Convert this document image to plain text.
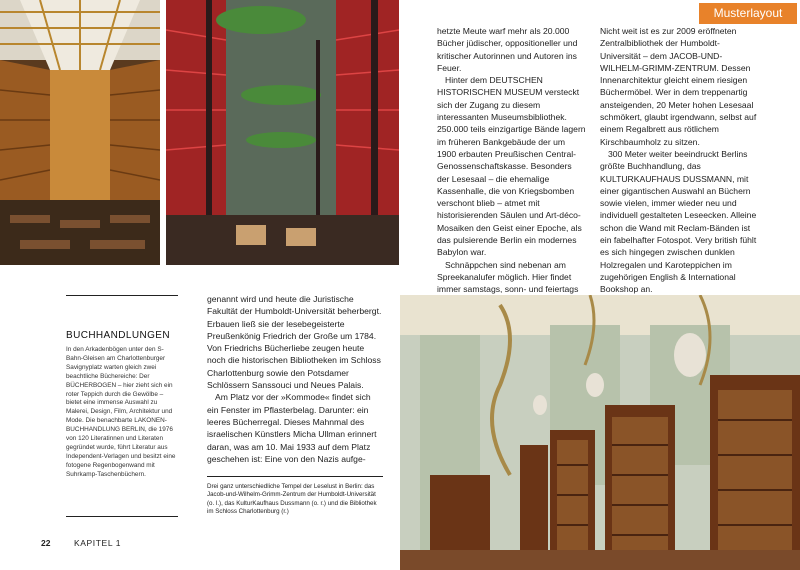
Musterlayout

hetzte Meute warf mehr als 20.000 Bücher jüdischer, oppositioneller und kritischer Autorinnen und Autoren ins Feuer.

Hinter dem DEUTSCHEN HISTORISCHEN MUSEUM versteckt sich der Zugang zu diesem interessanten Museumsbibliothek. 250.000 teils einzigartige Bände lagern im früheren Bankgebäude der um 1900 erbauten Preußischen Central-Genossenschaftskasse. Besonders der Lesesaal – die ehemalige Kassenhalle, die von Kriegsbomben verschont blieb – atmet mit historisierenden Säulen und Art-déco-Mosaiken den Geist einer Epoche, als das pulsierende Berlin ein modernes Babylon war.

Schnäppchen sind nebenan am Spreekanalufer möglich. Hier findet immer samstags, sonn- und feiertags

Nicht weit ist es zur 2009 eröffneten Zentralbibliothek der Humboldt-Universität – dem JACOB-UND-WILHELM-GRIMM-ZENTRUM. Dessen Innenarchitektur gleicht einem riesigen Büchermöbel. Wer in dem treppenartig ansteigenden, 20 Meter hohen Lesesaal schmökert, glaubt irgendwann, selbst auf einem Regalbrett aus rötlichem Kirschbaumholz zu sitzen.

300 Meter weiter beeindruckt Berlins größte Buchhandlung, das KULTURKAUFHAUS DUSSMANN, mit einer gigantischen Auswahl an Büchern sowie vielen, immer wieder neu und individuell gestalteten Leseecken. Alleine schon die Wand mit Reclam-Bänden ist ein fabelhafter Fotospot. Very british fühlt es sich hingegen zwischen dunklen Holzregalen und Karoteppichen im zugehörigen English & International Bookshop an.

BUCHHANDLUNGEN
In den Arkadenbögen unter den S-Bahn-Gleisen am Charlottenburger Savignyplatz warten gleich zwei beachtliche Büchereiche: Der BÜCHERBOGEN – hier zieht sich ein roter Teppich durch die Gewölbe – bietet eine immense Auswahl zu Malerei, Design, Film, Architektur und Mode. Die benachbarte LAKONEN-BUCHHANDLUNG BERLIN, die 1976 von 120 Literatinnen und Literaten gegründet wurde, führt Literatur aus Independent-Verlagen und besitzt eine fotogene Regenbogenwand mit Suhrkamp-Taschenbüchern.

genannt wird und heute die Juristische Fakultät der Humboldt-Universität beherbergt. Erbauen ließ sie der lesebegeisterte Preußenkönig Friedrich der Große um 1784. Von Friedrichs Bücherliebe zeugen heute noch die historischen Bibliotheken im Schloss Charlottenburg sowie den Potsdamer Schlössern Sanssouci und Neues Palais.

Am Platz vor der »Kommode« findet sich ein Fenster im Pflasterbelag. Darunter: ein leeres Bücherregal. Dieses Mahnmal des israelischen Künstlers Micha Ullman erinnert daran, was am 10. Mai 1933 auf dem Platz geschehen ist: Eine von den Nazis aufge-

Drei ganz unterschiedliche Tempel der Leselust in Berlin: das Jacob-und-Wilhelm-Grimm-Zentrum der Humboldt-Universität (o. l.), das KulturKaufhaus Dussmann (o. r.) und die Bibliothek im Schloss Charlottenburg (r.)
22	KAPITEL 1
